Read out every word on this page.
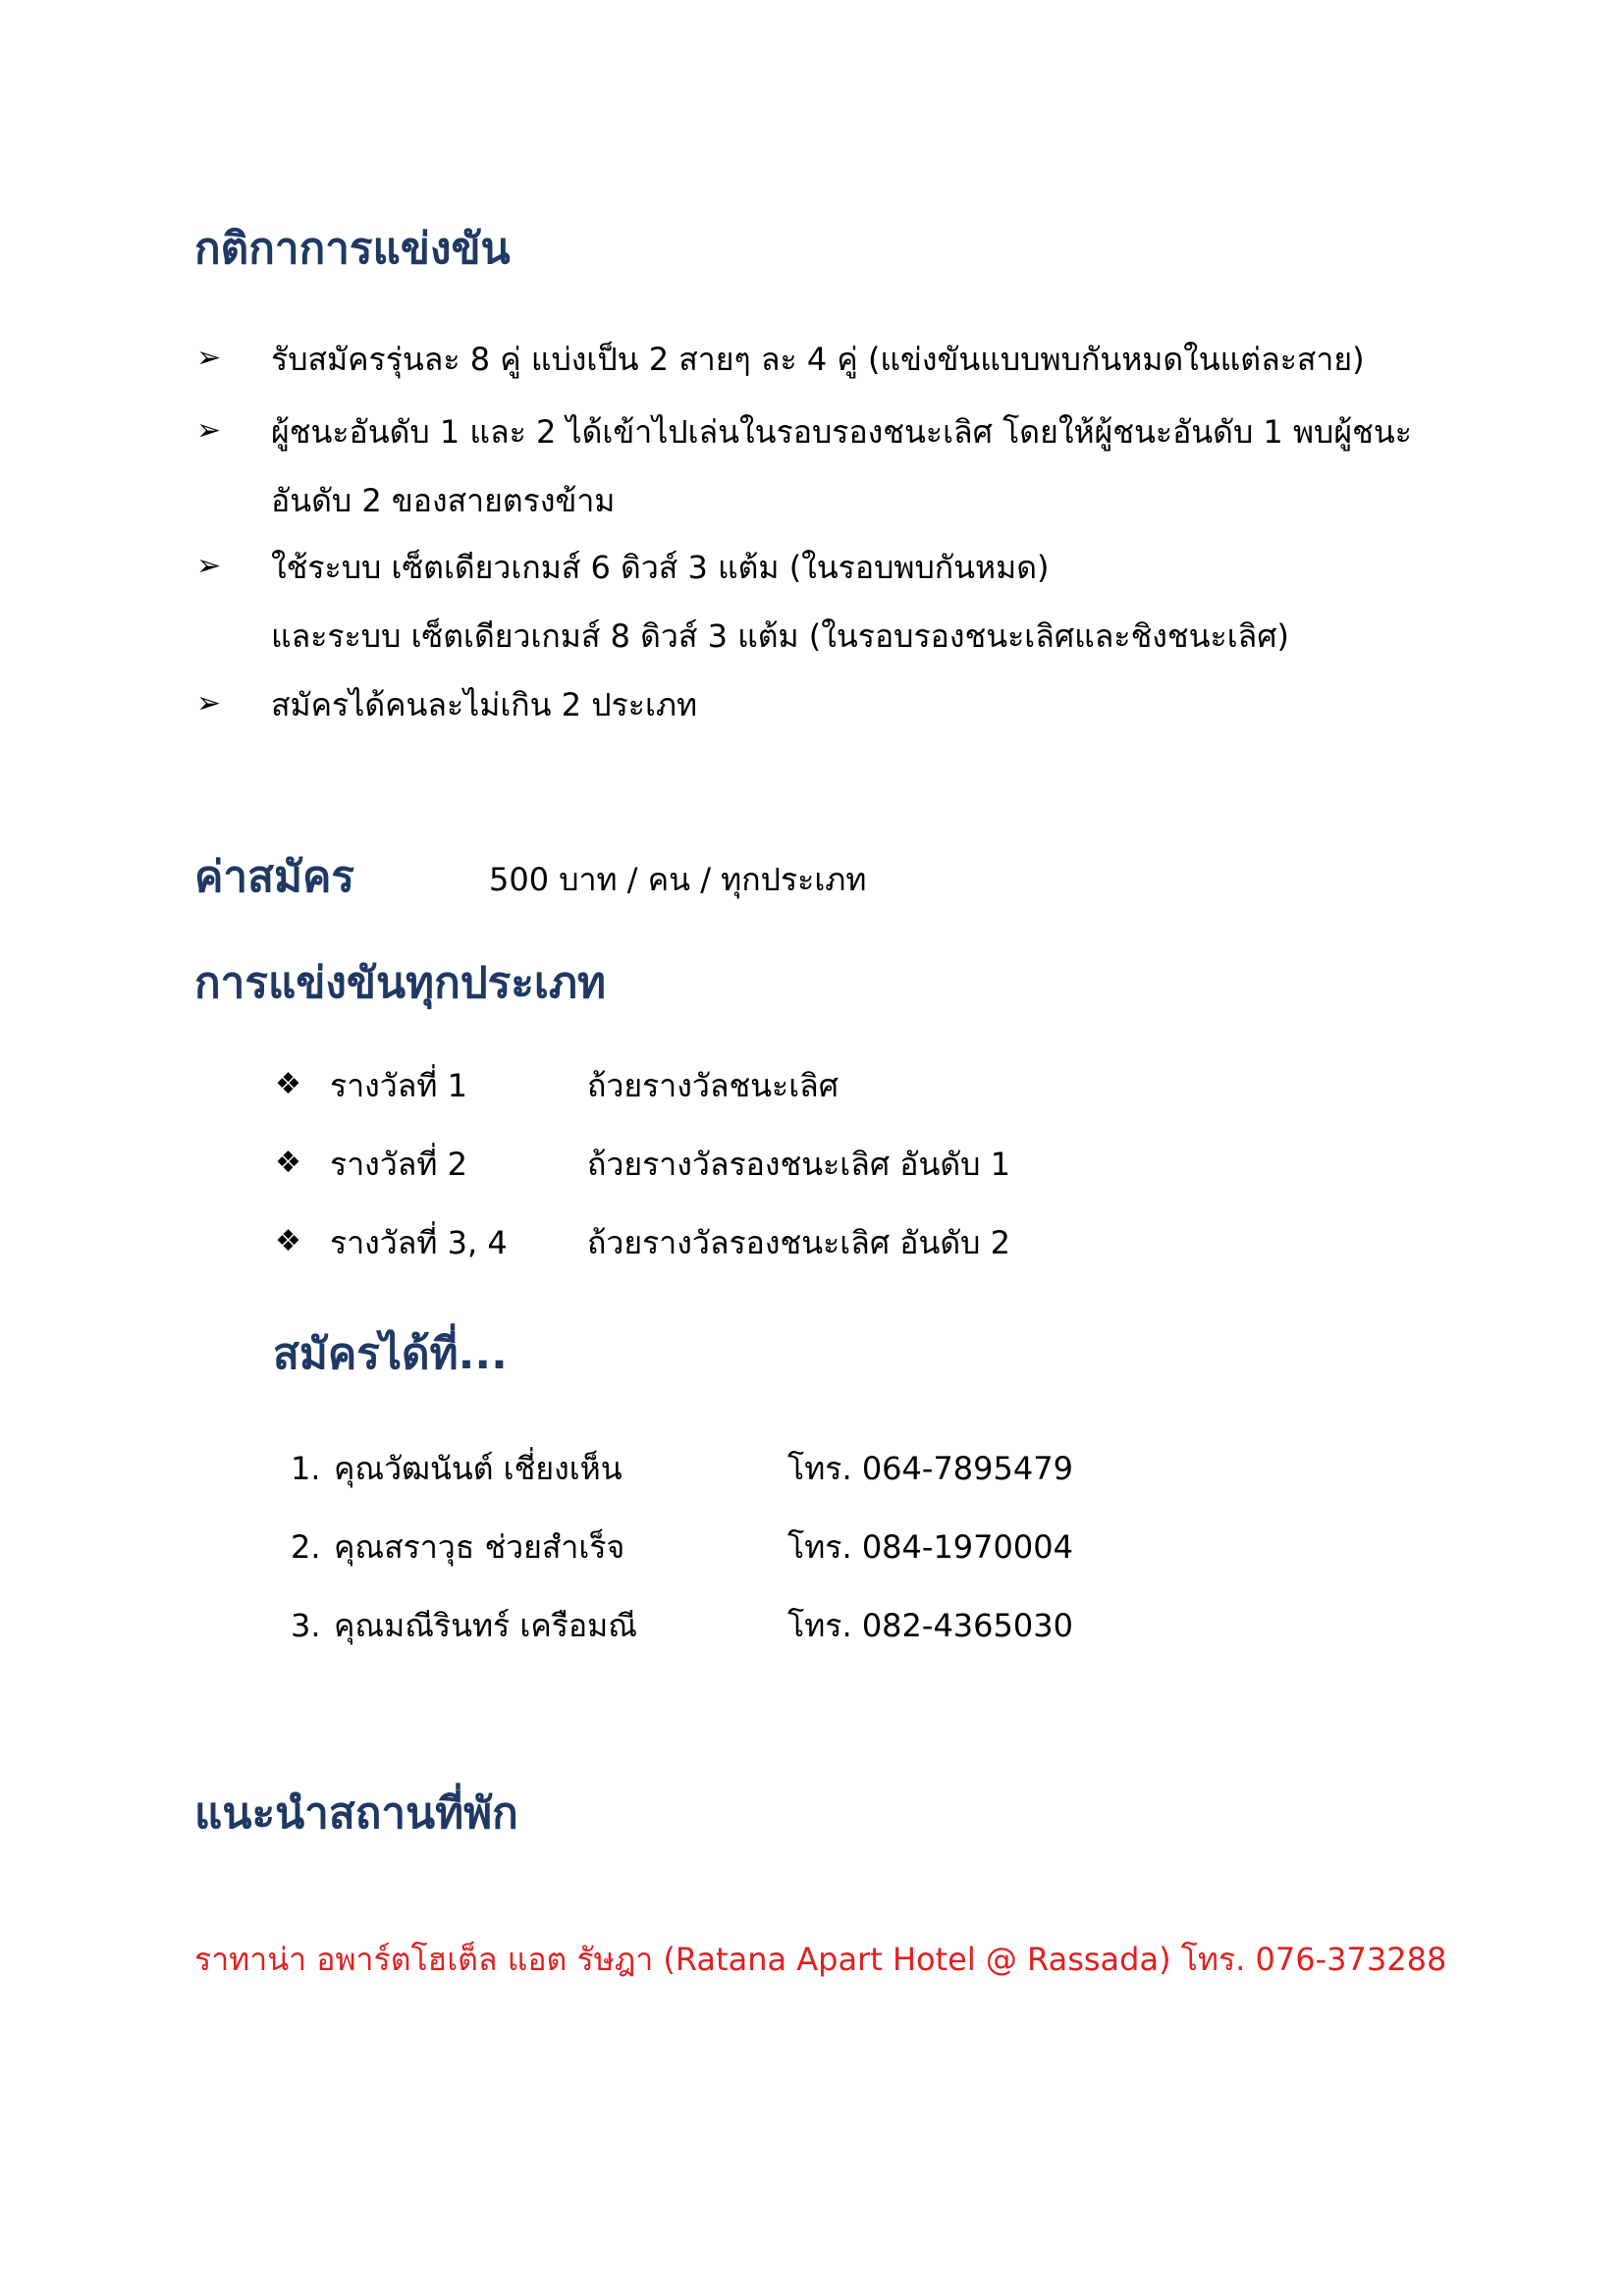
กติกาการแข่งขัน
➢ รับสมัครรุ่นละ 8 คู่ แบ่งเป็น 2 สายๆ ละ 4 คู่ (แข่งขันแบบพบกันหมดในแต่ละสาย)
➢ ผู้ชนะอันดับ 1 และ 2 ได้เข้าไปเล่นในรอบรองชนะเลิศ โดยให้ผู้ชนะอันดับ 1 พบผู้ชนะ
อันดับ 2 ของสายตรงข้าม
➢ ใช้ระบบ เซ็ตเดียวเกมส์ 6 ดิวส์ 3 แต้ม (ในรอบพบกันหมด)
และระบบ เซ็ตเดียวเกมส์ 8 ดิวส์ 3 แต้ม (ในรอบรองชนะเลิศและชิงชนะเลิศ)
➢ สมัครได้คนละไม่เกิน 2 ประเภท
ค่าสมัคร	500 บาท / คน / ทุกประเภท
การแข่งขันทุกประเภท
❖ รางวัลที่ 1	ถ้วยรางวัลชนะเลิศ
❖ รางวัลที่ 2	ถ้วยรางวัลรองชนะเลิศ อันดับ 1
❖ รางวัลที่ 3, 4	ถ้วยรางวัลรองชนะเลิศ อันดับ 2
สมัครได้ที่...
1. คุณวัฒนันต์ เชี่ยงเห็น	โทร. 064-7895479
2. คุณสราวุธ ช่วยสำเร็จ	โทร. 084-1970004
3. คุณมณีรินทร์ เครือมณี	โทร. 082-4365030
แนะนำสถานที่พัก
ราทาน่า อพาร์ตโฮเต็ล แอต รัษฎา (Ratana Apart Hotel @ Rassada) โทร. 076-373288
